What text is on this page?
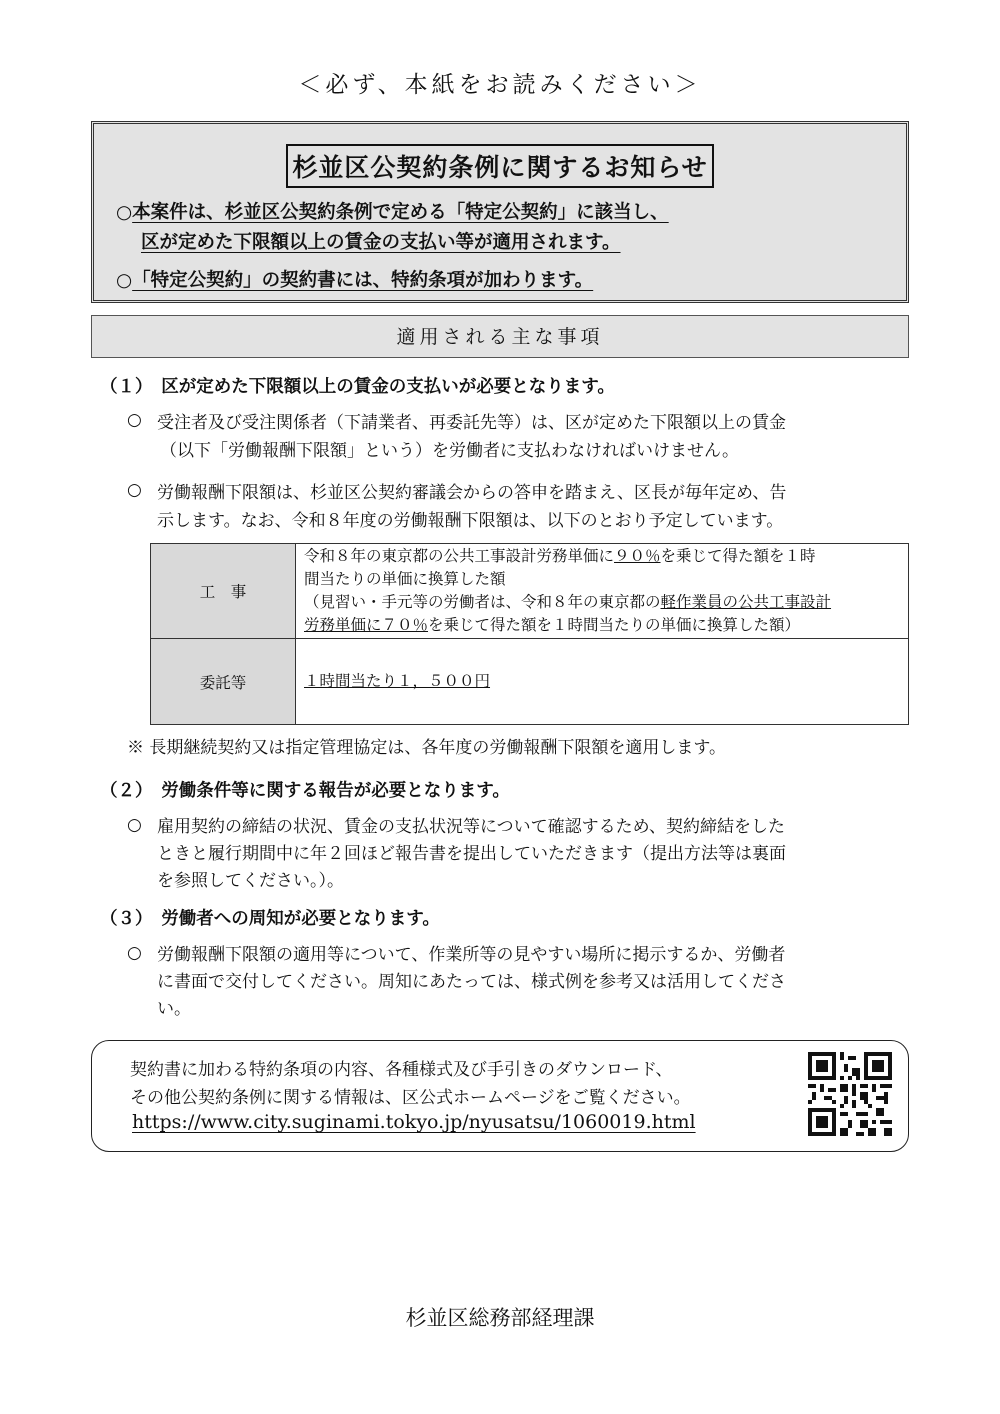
＜必ず、本紙をお読みください＞
杉並区公契約条例に関するお知らせ
○本案件は、杉並区公契約条例で定める「特定公契約」に該当し、
区が定めた下限額以上の賃金の支払い等が適用されます。
○「特定公契約」の契約書には、特約条項が加わります。
適用される主な事項
（１）　区が定めた下限額以上の賃金の支払いが必要となります。
○ 受注者及び受注関係者（下請業者、再委託先等）は、区が定めた下限額以上の賃金
（以下「労働報酬下限額」という）を労働者に支払わなければいけません。
○ 労働報酬下限額は、杉並区公契約審議会からの答申を踏まえ、区長が毎年定め、告
示します。なお、令和８年度の労働報酬下限額は、以下のとおり予定しています。
工　事	令和８年の東京都の公共工事設計労務単価に９０％を乗じて得た額を１時
間当たりの単価に換算した額
（見習い・手元等の労働者は、令和８年の東京都の軽作業員の公共工事設計
労務単価に７０％を乗じて得た額を１時間当たりの単価に換算した額）

委託等	１時間当たり１，５００円
※ 長期継続契約又は指定管理協定は、各年度の労働報酬下限額を適用します。
（２）　労働条件等に関する報告が必要となります。
○ 雇用契約の締結の状況、賃金の支払状況等について確認するため、契約締結をした
ときと履行期間中に年２回ほど報告書を提出していただきます（提出方法等は裏面
を参照してください。）。
（３）　労働者への周知が必要となります。
○ 労働報酬下限額の適用等について、作業所等の見やすい場所に掲示するか、労働者
に書面で交付してください。周知にあたっては、様式例を参考又は活用してくださ
い。
契約書に加わる特約条項の内容、各種様式及び手引きのダウンロード、
その他公契約条例に関する情報は、区公式ホームページをご覧ください。
https://www.city.suginami.tokyo.jp/nyusatsu/1060019.html
杉並区総務部経理課
